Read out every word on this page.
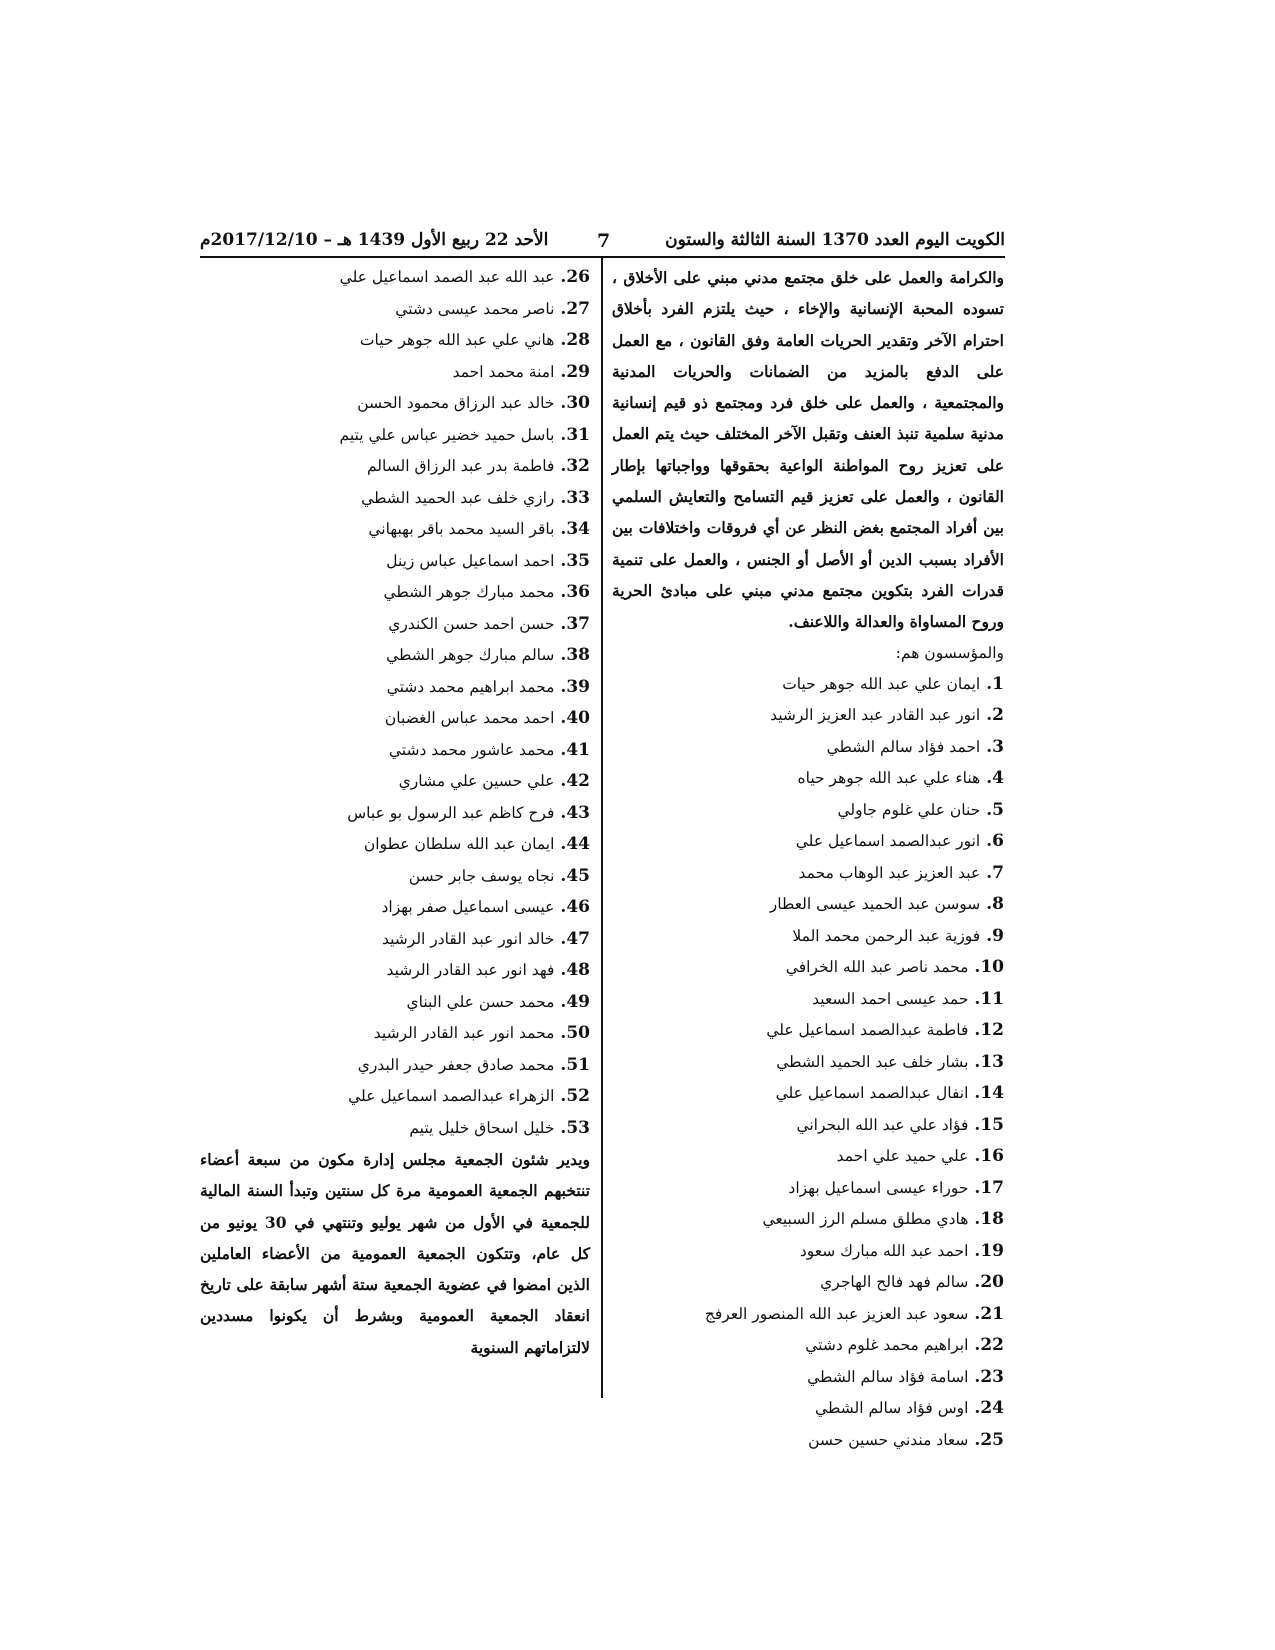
الكويت اليوم العدد 1370 السنة الثالثة والستون
7
الأحد 22 ربيع الأول 1439 هـ – 2017/12/10م
والكرامة والعمل على خلق مجتمع مدني مبني على الأخلاق ، تسوده المحبة الإنسانية والإخاء ، حيث يلتزم الفرد بأخلاق احترام الآخر وتقدير الحريات العامة وفق القانون ، مع العمل على الدفع بالمزيد من الضمانات والحريات المدنية والمجتمعية ، والعمل على خلق فرد ومجتمع ذو قيم إنسانية مدنية سلمية تنبذ العنف وتقبل الآخر المختلف حيث يتم العمل على تعزيز روح المواطنة الواعية بحقوقها وواجباتها بإطار القانون ، والعمل على تعزيز قيم التسامح والتعايش السلمي بين أفراد المجتمع بغض النظر عن أي فروقات واختلافات بين الأفراد بسبب الدين أو الأصل أو الجنس ، والعمل على تنمية قدرات الفرد بتكوين مجتمع مدني مبني على مبادئ الحرية وروح المساواة والعدالة واللاعنف.

والمؤسسون هم:

1.ايمان علي عبد الله جوهر حيات
2.انور عبد القادر عبد العزيز الرشيد
3.احمد فؤاد سالم الشطي
4.هناء علي عبد الله جوهر حياه
5.حنان علي غلوم جاولي
6.انور عبدالصمد اسماعيل علي
7.عبد العزيز عبد الوهاب محمد
8.سوسن عبد الحميد عيسى العطار
9.فوزية عبد الرحمن محمد الملا
10.محمد ناصر عبد الله الخرافي
11.حمد عيسى احمد السعيد
12.فاطمة عبدالصمد اسماعيل علي
13.بشار خلف عبد الحميد الشطي
14.انفال عبدالصمد اسماعيل علي
15.فؤاد علي عبد الله البحراني
16.علي حميد علي احمد
17.حوراء عيسى اسماعيل بهزاد
18.هادي مطلق مسلم الرز السبيعي
19.احمد عبد الله مبارك سعود
20.سالم فهد فالح الهاجري
21.سعود عبد العزيز عبد الله المنصور العرفج
22.ابراهيم محمد غلوم دشتي
23.اسامة فؤاد سالم الشطي
24.اوس فؤاد سالم الشطي
25.سعاد مندني حسين حسن
26.عبد الله عبد الصمد اسماعيل علي
27.ناصر محمد عيسى دشتي
28.هاني علي عبد الله جوهر حيات
29.امنة محمد احمد
30.خالد عبد الرزاق محمود الحسن
31.باسل حميد خضير عباس علي يتيم
32.فاطمة بدر عبد الرزاق السالم
33.رازي خلف عبد الحميد الشطي
34.باقر السيد محمد باقر بهبهاني
35.احمد اسماعيل عباس زينل
36.محمد مبارك جوهر الشطي
37.حسن احمد حسن الكندري
38.سالم مبارك جوهر الشطي
39.محمد ابراهيم محمد دشتي
40.احمد محمد عباس الغضبان
41.محمد عاشور محمد دشتي
42.علي حسين علي مشاري
43.فرح كاظم عبد الرسول بو عباس
44.ايمان عبد الله سلطان عطوان
45.نجاه يوسف جابر حسن
46.عيسى اسماعيل صفر بهزاد
47.خالد انور عبد القادر الرشيد
48.فهد انور عبد القادر الرشيد
49.محمد حسن علي البناي
50.محمد انور عبد القادر الرشيد
51.محمد صادق جعفر حيدر البدري
52.الزهراء عبدالصمد اسماعيل علي
53.خليل اسحاق خليل يتيم
ويدير شئون الجمعية مجلس إدارة مكون من سبعة أعضاء تنتخبهم الجمعية العمومية مرة كل سنتين وتبدأ السنة المالية للجمعية في الأول من شهر يوليو وتنتهي في 30 يونيو من كل عام، وتتكون الجمعية العمومية من الأعضاء العاملين الذين امضوا في عضوية الجمعية ستة أشهر سابقة على تاريخ انعقاد الجمعية العمومية وبشرط أن يكونوا مسددين لالتزاماتهم السنوية
